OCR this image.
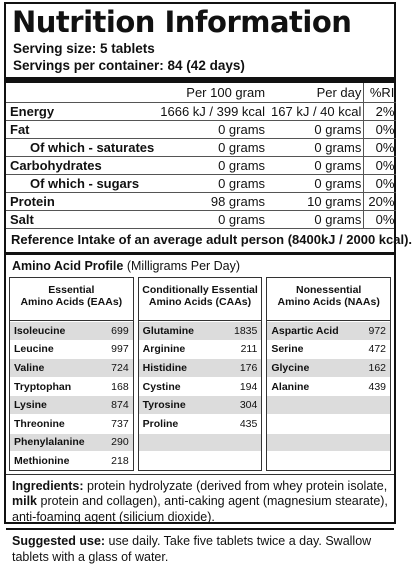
Nutrition Information
Serving size: 5 tablets
Servings per container: 84 (42 days)
	Per 100 gram	Per day	%RI
Energy	1666 kJ / 399 kcal	167 kJ / 40 kcal	2%
Fat	0 grams	0 grams	0%
Of which - saturates	0 grams	0 grams	0%
Carbohydrates	0 grams	0 grams	0%
Of which - sugars	0 grams	0 grams	0%
Protein	98 grams	10 grams	20%
Salt	0 grams	0 grams	0%
Reference Intake of an average adult person (8400kJ / 2000 kcal).
Amino Acid Profile (Milligrams Per Day)
Essential
Amino Acids (EAAs)
Isoleucine	699
Leucine	997
Valine	724
Tryptophan	168
Lysine	874
Threonine	737
Phenylalanine	290
Methionine	218
Conditionally Essential
Amino Acids (CAAs)
Glutamine	1835
Arginine	211
Histidine	176
Cystine	194
Tyrosine	304
Proline	435
Nonessential
Amino Acids (NAAs)
Aspartic Acid	972
Serine	472
Glycine	162
Alanine	439
Ingredients: protein hydrolyzate (derived from whey protein isolate, milk protein and collagen), anti-caking agent (magnesium stearate), anti-foaming agent (silicium dioxide).
Suggested use: use daily. Take five tablets twice a day. Swallow tablets with a glass of water.
